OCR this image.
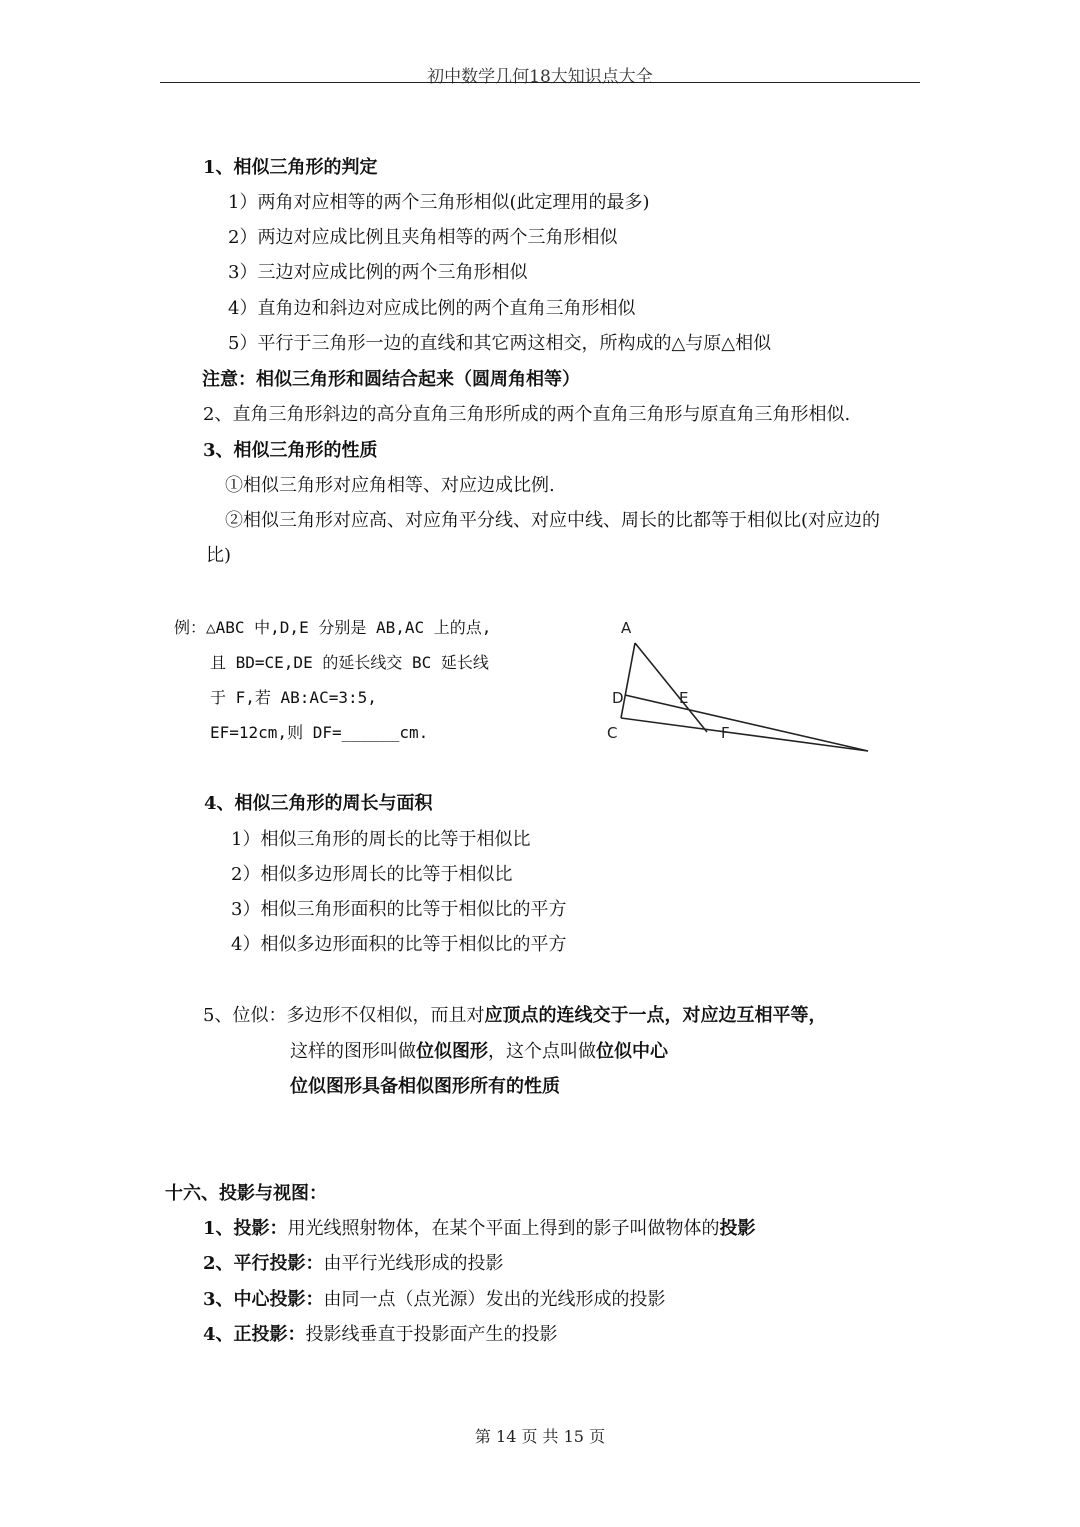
初中数学几何18大知识点大全
1、相似三角形的判定
1）两角对应相等的两个三角形相似(此定理用的最多)
2）两边对应成比例且夹角相等的两个三角形相似
3）三边对应成比例的两个三角形相似
4）直角边和斜边对应成比例的两个直角三角形相似
5）平行于三角形一边的直线和其它两这相交，所构成的△与原△相似
注意：相似三角形和圆结合起来（圆周角相等）
2、直角三角形斜边的高分直角三角形所成的两个直角三角形与原直角三角形相似.
3、相似三角形的性质
①相似三角形对应角相等、对应边成比例.
②相似三角形对应高、对应角平分线、对应中线、周长的比都等于相似比(对应边的
比)
例：△ABC 中,D,E 分别是 AB,AC 上的点,
且 BD=CE,DE 的延长线交 BC 延长线
于 F,若 AB:AC=3:5,
EF=12cm,则 DF=______cm.
A
D	E
C	F
4、相似三角形的周长与面积
1）相似三角形的周长的比等于相似比
2）相似多边形周长的比等于相似比
3）相似三角形面积的比等于相似比的平方
4）相似多边形面积的比等于相似比的平方
5、位似：多边形不仅相似，而且对应顶点的连线交于一点，对应边互相平等，
这样的图形叫做位似图形，这个点叫做位似中心
位似图形具备相似图形所有的性质
十六、投影与视图：
1、投影：用光线照射物体，在某个平面上得到的影子叫做物体的投影
2、平行投影：由平行光线形成的投影
3、中心投影：由同一点（点光源）发出的光线形成的投影
4、正投影：投影线垂直于投影面产生的投影
第 14 页 共 15 页
